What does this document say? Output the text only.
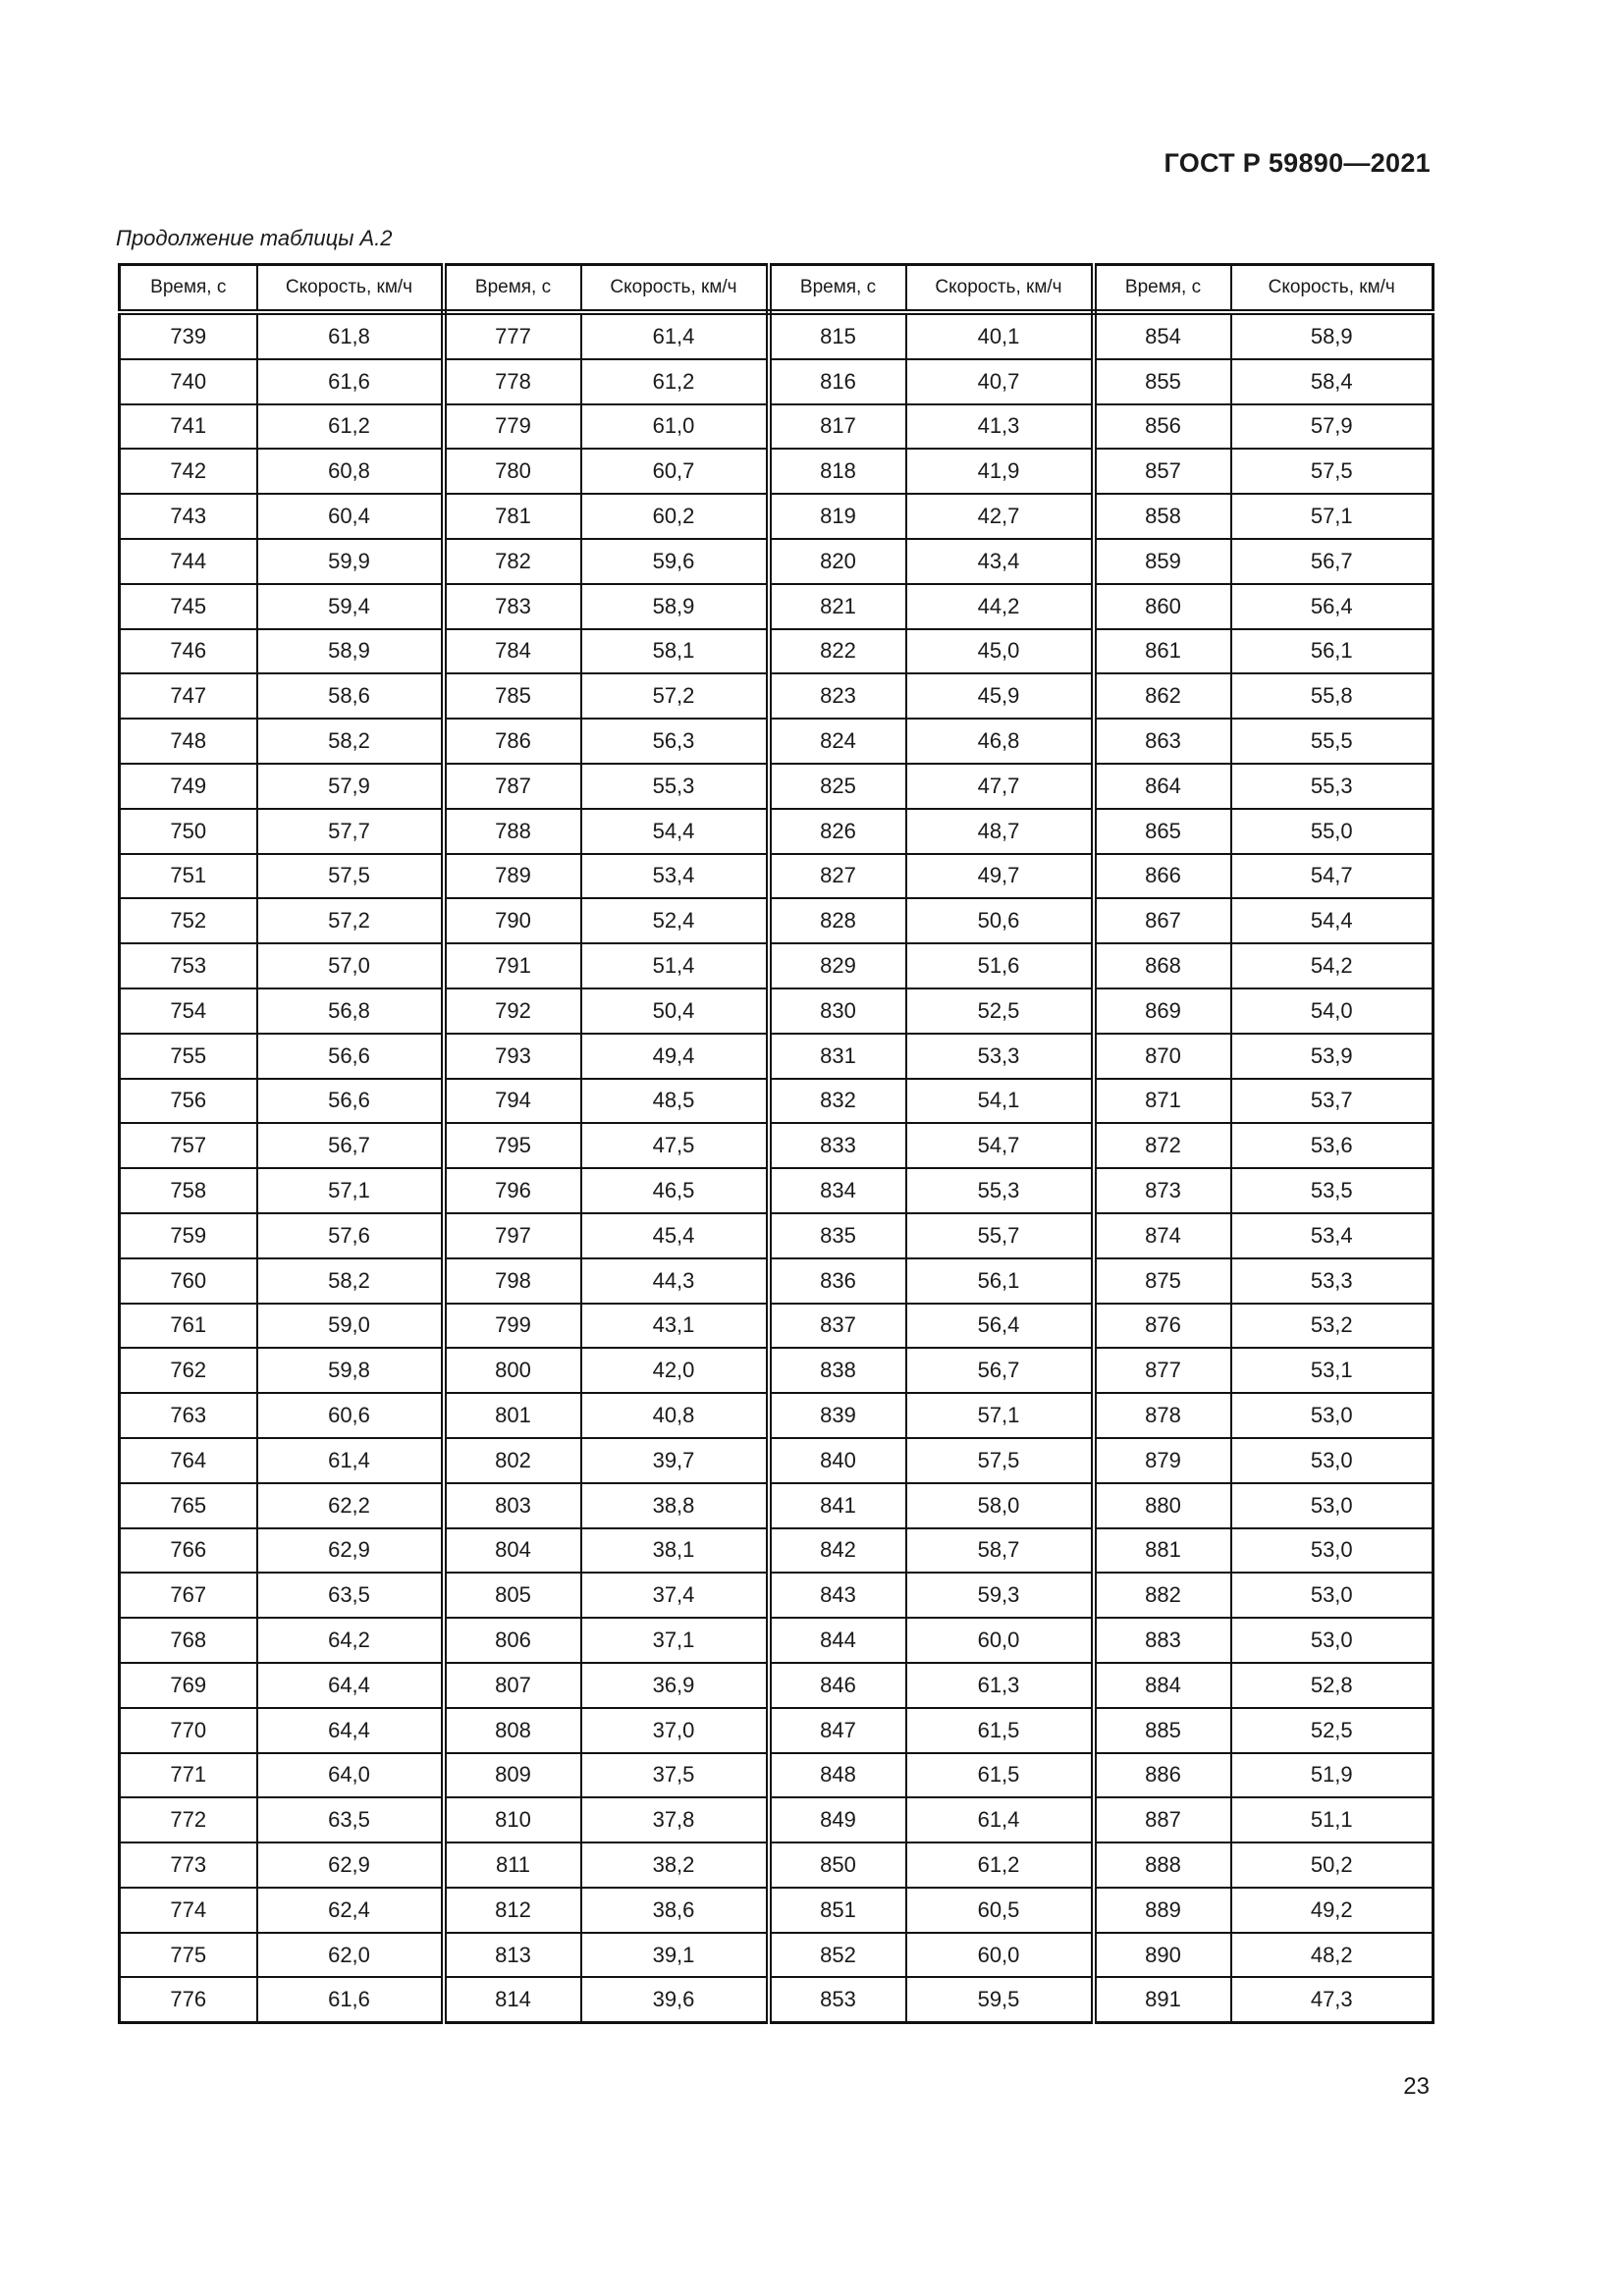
ГОСТ Р 59890—2021
Продолжение таблицы А.2
Время, с	Скорость, км/ч	Время, с	Скорость, км/ч	Время, с	Скорость, км/ч	Время, с	Скорость, км/ч
739	61,8	777	61,4	815	40,1	854	58,9
740	61,6	778	61,2	816	40,7	855	58,4
741	61,2	779	61,0	817	41,3	856	57,9
742	60,8	780	60,7	818	41,9	857	57,5
743	60,4	781	60,2	819	42,7	858	57,1
744	59,9	782	59,6	820	43,4	859	56,7
745	59,4	783	58,9	821	44,2	860	56,4
746	58,9	784	58,1	822	45,0	861	56,1
747	58,6	785	57,2	823	45,9	862	55,8
748	58,2	786	56,3	824	46,8	863	55,5
749	57,9	787	55,3	825	47,7	864	55,3
750	57,7	788	54,4	826	48,7	865	55,0
751	57,5	789	53,4	827	49,7	866	54,7
752	57,2	790	52,4	828	50,6	867	54,4
753	57,0	791	51,4	829	51,6	868	54,2
754	56,8	792	50,4	830	52,5	869	54,0
755	56,6	793	49,4	831	53,3	870	53,9
756	56,6	794	48,5	832	54,1	871	53,7
757	56,7	795	47,5	833	54,7	872	53,6
758	57,1	796	46,5	834	55,3	873	53,5
759	57,6	797	45,4	835	55,7	874	53,4
760	58,2	798	44,3	836	56,1	875	53,3
761	59,0	799	43,1	837	56,4	876	53,2
762	59,8	800	42,0	838	56,7	877	53,1
763	60,6	801	40,8	839	57,1	878	53,0
764	61,4	802	39,7	840	57,5	879	53,0
765	62,2	803	38,8	841	58,0	880	53,0
766	62,9	804	38,1	842	58,7	881	53,0
767	63,5	805	37,4	843	59,3	882	53,0
768	64,2	806	37,1	844	60,0	883	53,0
769	64,4	807	36,9	846	61,3	884	52,8
770	64,4	808	37,0	847	61,5	885	52,5
771	64,0	809	37,5	848	61,5	886	51,9
772	63,5	810	37,8	849	61,4	887	51,1
773	62,9	811	38,2	850	61,2	888	50,2
774	62,4	812	38,6	851	60,5	889	49,2
775	62,0	813	39,1	852	60,0	890	48,2
776	61,6	814	39,6	853	59,5	891	47,3
23
